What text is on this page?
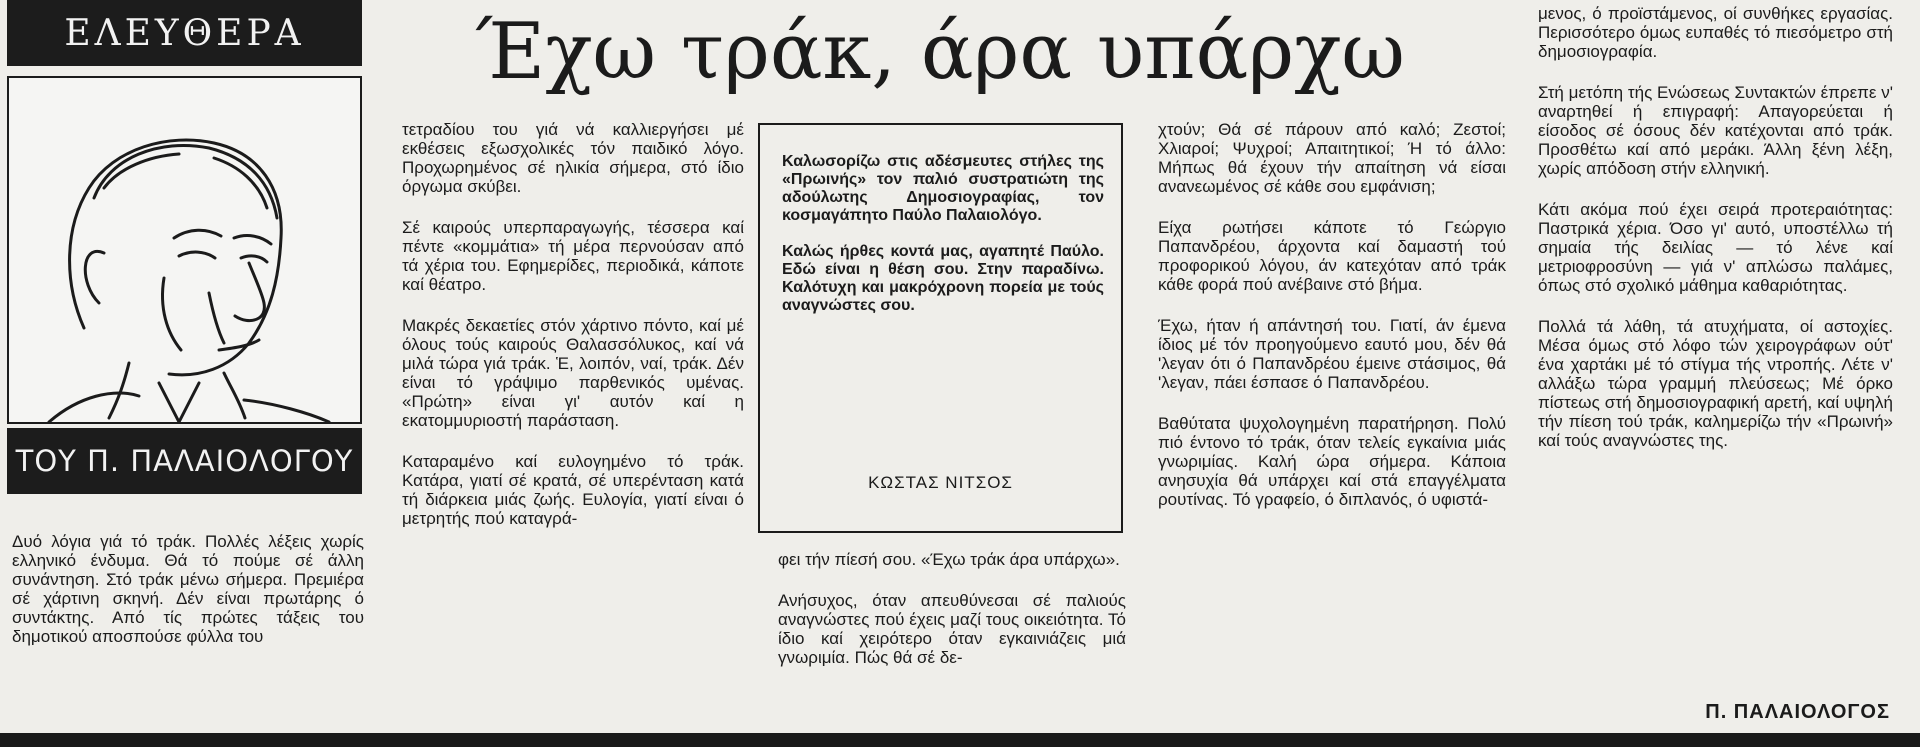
ΕΛΕΥΘΕΡΑ
ΤΟΥ Π. ΠΑΛΑΙΟΛΟΓΟΥ
Έχω τράκ, άρα υπάρχω

Δυό λόγια γιά τό τράκ. Πολλές λέξεις χωρίς ελληνικό ένδυμα. Θά τό πούμε σέ άλλη συνάντηση. Στό τράκ μένω σήμερα. Πρεμιέρα σέ χάρτινη σκηνή. Δέν είναι πρωτάρης ό συντάκτης. Από τίς πρώτες τάξεις του δημοτικού αποσπούσε φύλλα του

τετραδίου του γιά νά καλλιεργήσει μέ εκθέσεις εξωσχολικές τόν παιδικό λόγο. Προχωρημένος σέ ηλικία σήμερα, στό ίδιο όργωμα σκύβει.

Σέ καιρούς υπερπαραγωγής, τέσσερα καί πέντε «κομμάτια» τή μέρα περνούσαν από τά χέρια του. Εφημερίδες, περιοδικά, κάποτε καί θέατρο.

Μακρές δεκαετίες στόν χάρτινο πόντο, καί μέ όλους τούς καιρούς Θαλασσόλυκος, καί νά μιλά τώρα γιά τράκ. Ἑ, λοιπόν, ναί, τράκ. Δέν είναι τό γράψιμο παρθενικός υμένας. «Πρώτη» είναι γι' αυτόν καί η εκατομμυριοστή παράσταση.

Καταραμένο καί ευλογημένο τό τράκ. Κατάρα, γιατί σέ κρατά, σέ υπερένταση κατά τή διάρκεια μιάς ζωής. Ευλογία, γιατί είναι ό μετρητής πού καταγρά-

Καλωσορίζω στις αδέσμευτες στήλες της «Πρωινής» τον παλιό συστρατιώτη της αδούλωτης Δημοσιογραφίας, τον κοσμαγάπητο Παύλο Παλαιολόγο.

Καλώς ήρθες κοντά μας, αγαπητέ Παύλο. Εδώ είναι η θέση σου. Στην παραδίνω. Καλότυχη και μακρόχρονη πορεία με τούς αναγνώστες σου.

ΚΩΣΤΑΣ ΝΙΤΣΟΣ

φει τήν πίεσή σου. «Έχω τράκ άρα υπάρχω».

Ανήσυχος, όταν απευθύνεσαι σέ παλιούς αναγνώστες πού έχεις μαζί τους οικειότητα. Τό ίδιο καί χειρότερο όταν εγκαινιάζεις μιά γνωριμία. Πώς θά σέ δε-

χτούν; Θά σέ πάρουν από καλό; Ζεστοί; Χλιαροί; Ψυχροί; Απαιτητικοί; Ή τό άλλο: Μήπως θά έχουν τήν απαίτηση νά είσαι ανανεωμένος σέ κάθε σου εμφάνιση;

Είχα ρωτήσει κάποτε τό Γεώργιο Παπανδρέου, άρχοντα καί δαμαστή τού προφορικού λόγου, άν κατεχόταν από τράκ κάθε φορά πού ανέβαινε στό βήμα.

Έχω, ήταν ή απάντησή του. Γιατί, άν έμενα ίδιος μέ τόν προηγούμενο εαυτό μου, δέν θά 'λεγαν ότι ό Παπανδρέου έμεινε στάσιμος, θά 'λεγαν, πάει έσπασε ό Παπανδρέου.

Βαθύτατα ψυχολογημένη παρατήρηση. Πολύ πιό έντονο τό τράκ, όταν τελείς εγκαίνια μιάς γνωριμίας. Καλή ώρα σήμερα. Κάποια ανησυχία θά υπάρχει καί στά επαγγέλματα ρουτίνας. Τό γραφείο, ό διπλανός, ό υφιστά-

μενος, ό προϊστάμενος, οί συνθήκες εργασίας. Περισσότερο όμως ευπαθές τό πιεσόμετρο στή δημοσιογραφία.

Στή μετόπη τής Ενώσεως Συντακτών έπρεπε ν' αναρτηθεί ή επιγραφή: Απαγορεύεται ή είσοδος σέ όσους δέν κατέχονται από τράκ. Προσθέτω καί από μεράκι. Άλλη ξένη λέξη, χωρίς απόδοση στήν ελληνική.

Κάτι ακόμα πού έχει σειρά προτεραιότητας: Παστρικά χέρια. Όσο γι' αυτό, υποστέλλω τή σημαία τής δειλίας — τό λένε καί μετριοφροσύνη — γιά ν' απλώσω παλάμες, όπως στό σχολικό μάθημα καθαριότητας.

Πολλά τά λάθη, τά ατυχήματα, οί αστοχίες. Μέσα όμως στό λόφο τών χειρογράφων ούτ' ένα χαρτάκι μέ τό στίγμα τής ντροπής. Λέτε ν' αλλάξω τώρα γραμμή πλεύσεως; Μέ όρκο πίστεως στή δημοσιογραφική αρετή, καί υψηλή τήν πίεση τού τράκ, καλημερίζω τήν «Πρωινή» καί τούς αναγνώστες της.

Π. ΠΑΛΑΙΟΛΟΓΟΣ
